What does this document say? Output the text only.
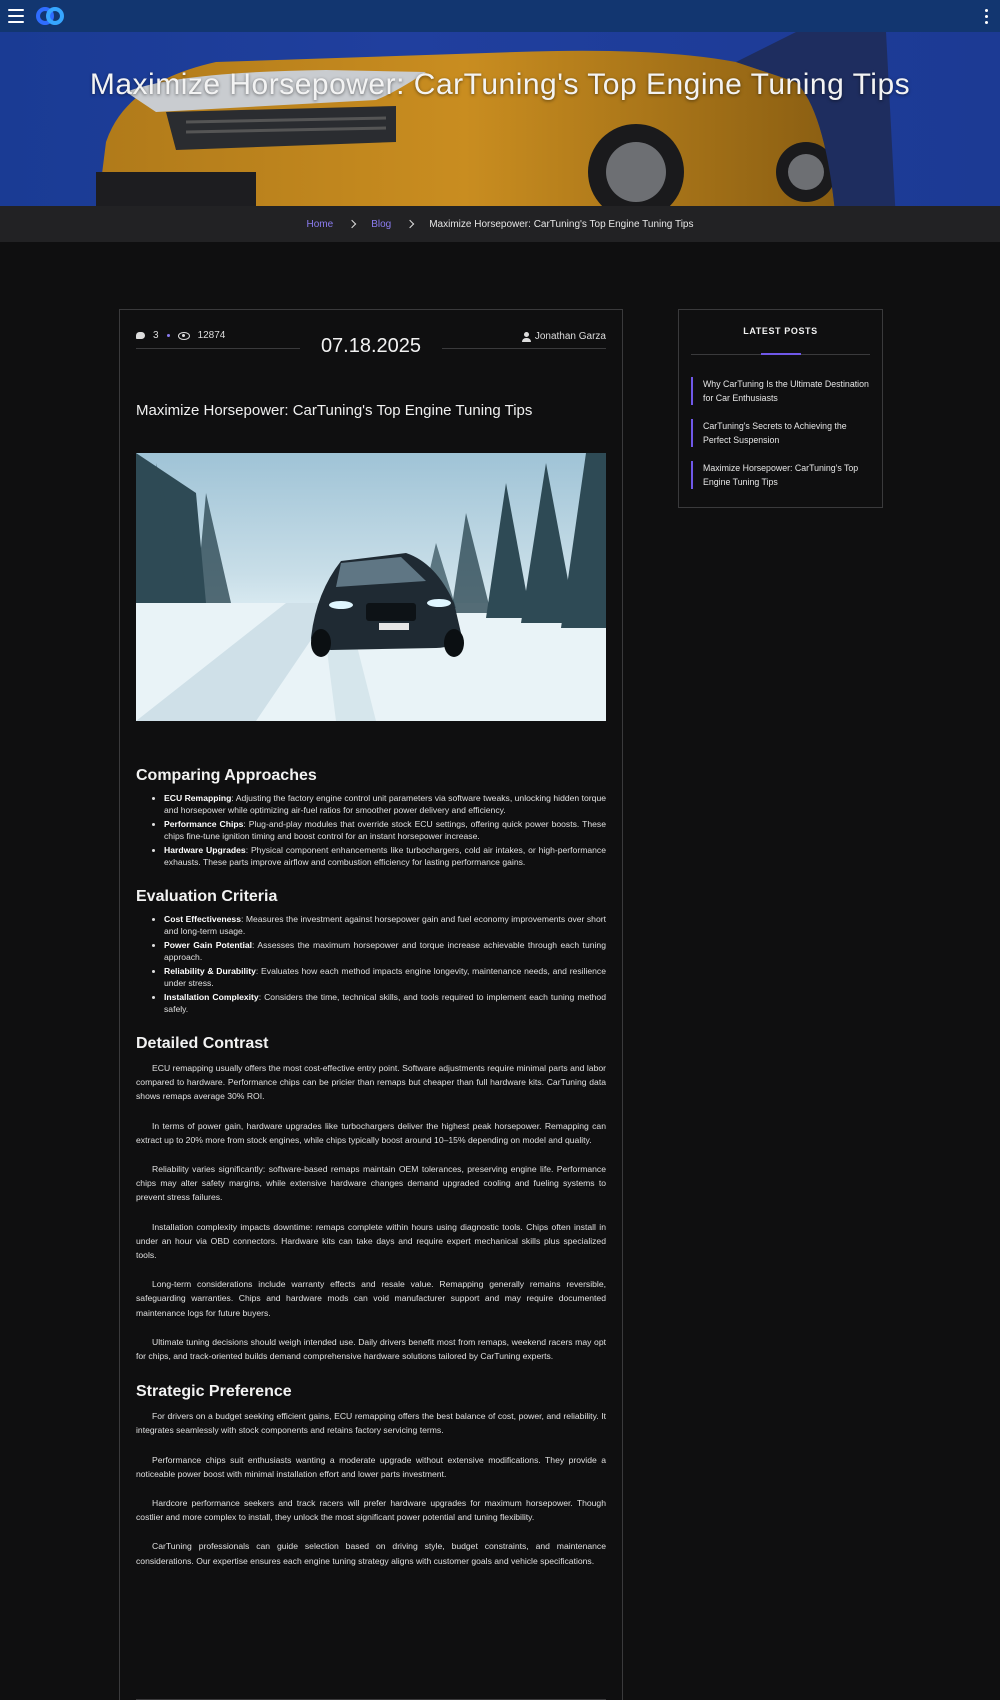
Maximize Horsepower: CarTuning's Top Engine Tuning Tips
Home	Blog	Maximize Horsepower: CarTuning's Top Engine Tuning Tips
3	12874	07.18.2025	Jonathan Garza
Maximize Horsepower: CarTuning's Top Engine Tuning Tips
Comparing Approaches
• ECU Remapping: Adjusting the factory engine control unit parameters via software tweaks, unlocking hidden torque and horsepower while optimizing air-fuel ratios for smoother power delivery and efficiency.
• Performance Chips: Plug-and-play modules that override stock ECU settings, offering quick power boosts. These chips fine-tune ignition timing and boost control for an instant horsepower increase.
• Hardware Upgrades: Physical component enhancements like turbochargers, cold air intakes, or high-performance exhausts. These parts improve airflow and combustion efficiency for lasting performance gains.
Evaluation Criteria
• Cost Effectiveness: Measures the investment against horsepower gain and fuel economy improvements over short and long-term usage.
• Power Gain Potential: Assesses the maximum horsepower and torque increase achievable through each tuning approach.
• Reliability & Durability: Evaluates how each method impacts engine longevity, maintenance needs, and resilience under stress.
• Installation Complexity: Considers the time, technical skills, and tools required to implement each tuning method safely.
Detailed Contrast

ECU remapping usually offers the most cost-effective entry point. Software adjustments require minimal parts and labor compared to hardware. Performance chips can be pricier than remaps but cheaper than full hardware kits. CarTuning data shows remaps average 30% ROI.

In terms of power gain, hardware upgrades like turbochargers deliver the highest peak horsepower. Remapping can extract up to 20% more from stock engines, while chips typically boost around 10–15% depending on model and quality.

Reliability varies significantly: software-based remaps maintain OEM tolerances, preserving engine life. Performance chips may alter safety margins, while extensive hardware changes demand upgraded cooling and fueling systems to prevent stress failures.

Installation complexity impacts downtime: remaps complete within hours using diagnostic tools. Chips often install in under an hour via OBD connectors. Hardware kits can take days and require expert mechanical skills plus specialized tools.

Long-term considerations include warranty effects and resale value. Remapping generally remains reversible, safeguarding warranties. Chips and hardware mods can void manufacturer support and may require documented maintenance logs for future buyers.

Ultimate tuning decisions should weigh intended use. Daily drivers benefit most from remaps, weekend racers may opt for chips, and track-oriented builds demand comprehensive hardware solutions tailored by CarTuning experts.

Strategic Preference

For drivers on a budget seeking efficient gains, ECU remapping offers the best balance of cost, power, and reliability. It integrates seamlessly with stock components and retains factory servicing terms.

Performance chips suit enthusiasts wanting a moderate upgrade without extensive modifications. They provide a noticeable power boost with minimal installation effort and lower parts investment.

Hardcore performance seekers and track racers will prefer hardware upgrades for maximum horsepower. Though costlier and more complex to install, they unlock the most significant power potential and tuning flexibility.

CarTuning professionals can guide selection based on driving style, budget constraints, and maintenance considerations. Our expertise ensures each engine tuning strategy aligns with customer goals and vehicle specifications.

LATEST POSTS
Why CarTuning Is the Ultimate Destination for Car Enthusiasts
CarTuning's Secrets to Achieving the Perfect Suspension
Maximize Horsepower: CarTuning's Top Engine Tuning Tips
